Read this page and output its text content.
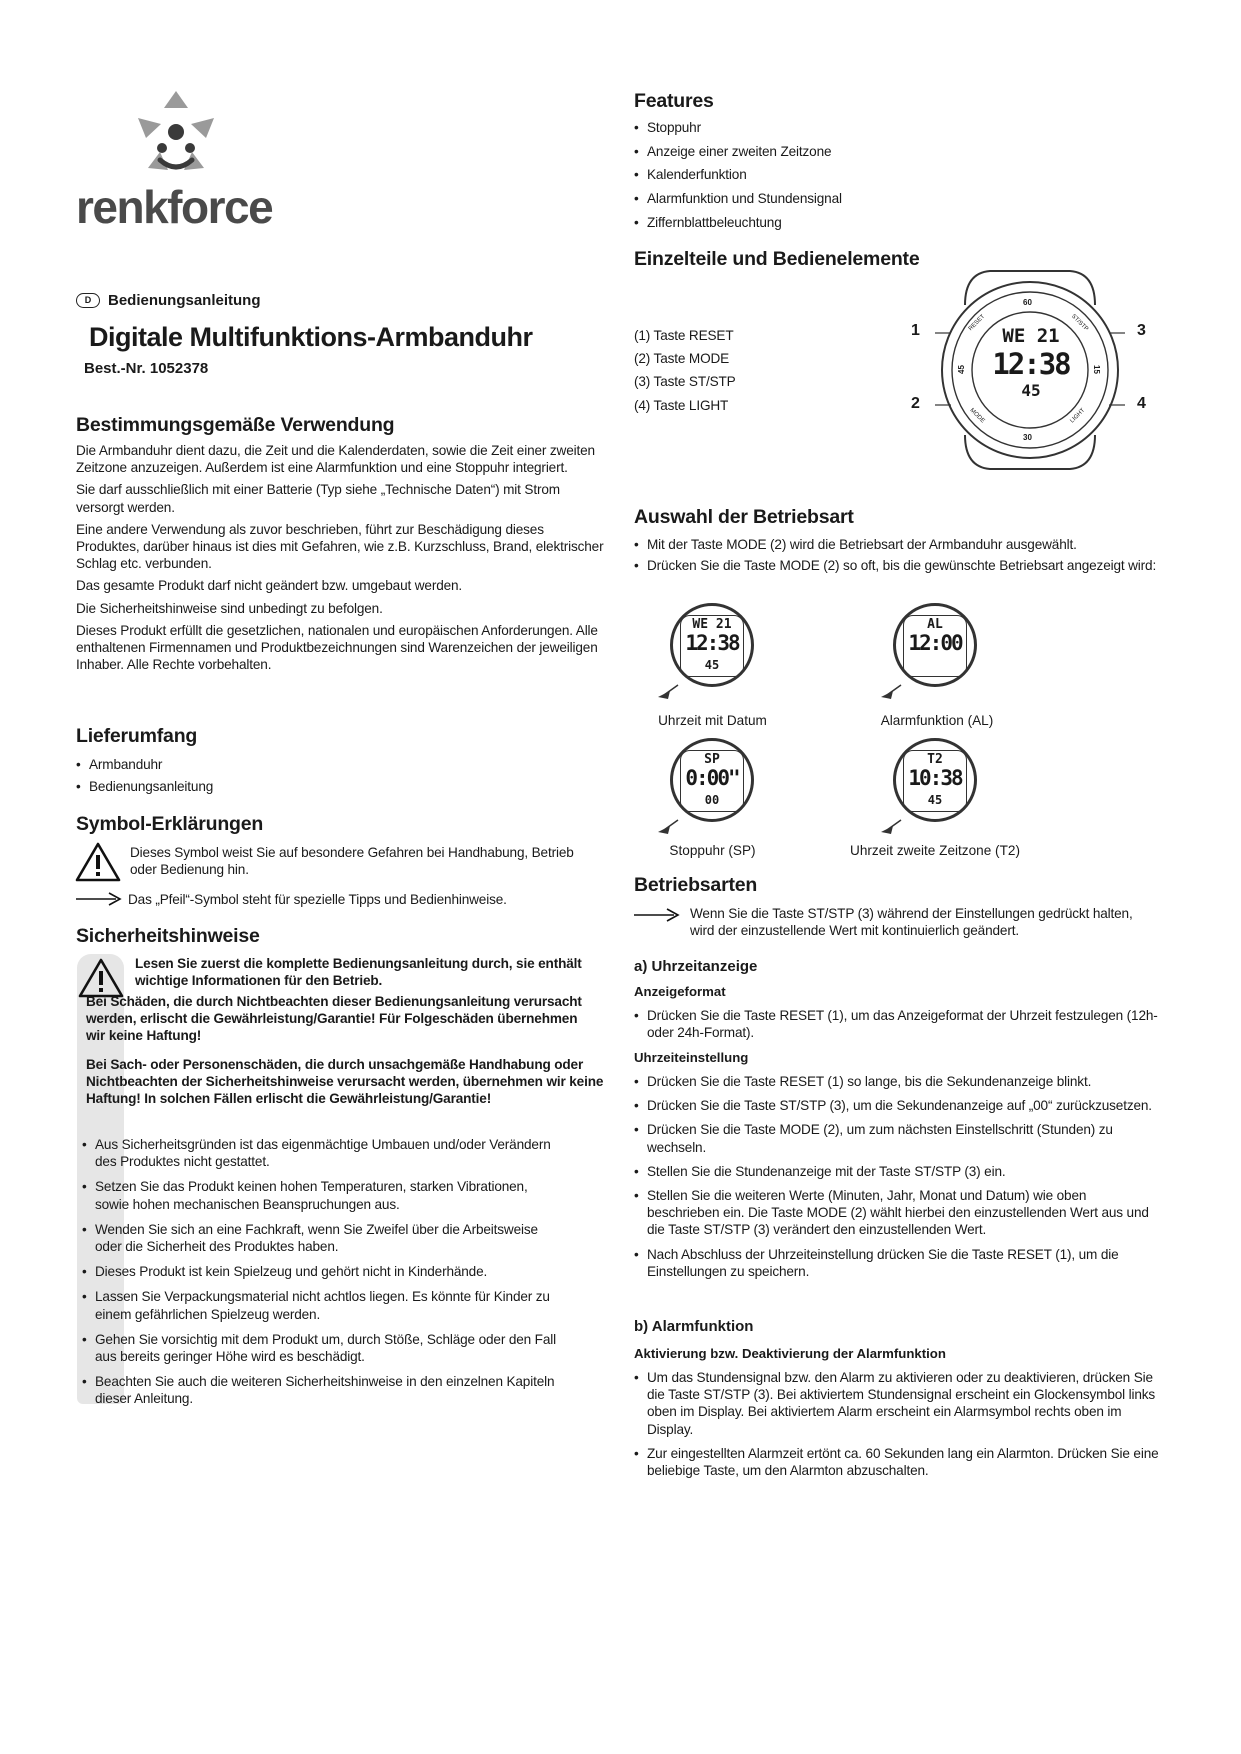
renkforce
D	Bedienungsanleitung
Digitale Multifunktions-Armbanduhr
Best.-Nr. 1052378
Bestimmungsgemäße Verwendung

Die Armbanduhr dient dazu, die Zeit und die Kalenderdaten, sowie die Zeit einer zweiten Zeitzone anzuzeigen. Außerdem ist eine Alarmfunktion und eine Stoppuhr integriert.

Sie darf ausschließlich mit einer Batterie (Typ siehe „Technische Daten“) mit Strom versorgt werden.

Eine andere Verwendung als zuvor beschrieben, führt zur Beschädigung dieses Produktes, darüber hinaus ist dies mit Gefahren, wie z.B. Kurzschluss, Brand, elektrischer Schlag etc. verbunden.

Das gesamte Produkt darf nicht geändert bzw. umgebaut werden.

Die Sicherheitshinweise sind unbedingt zu befolgen.

Dieses Produkt erfüllt die gesetzlichen, nationalen und europäischen Anforderungen. Alle enthaltenen Firmennamen und Produktbezeichnungen sind Warenzeichen der jeweiligen Inhaber. Alle Rechte vorbehalten.

Lieferumfang
• Armbanduhr
• Bedienungsanleitung
Symbol-Erklärungen
Dieses Symbol weist Sie auf besondere Gefahren bei Handhabung, Betrieb oder Bedienung hin.
Das „Pfeil“-Symbol steht für spezielle Tipps und Bedienhinweise.
Sicherheitshinweise
Lesen Sie zuerst die komplette Bedienungsanleitung durch, sie enthält wichtige Informationen für den Betrieb.
Bei Schäden, die durch Nichtbeachten dieser Bedienungsanleitung verursacht werden, erlischt die Gewährleistung/Garantie! Für Folgeschäden übernehmen wir keine Haftung!
Bei Sach- oder Personenschäden, die durch unsachgemäße Handhabung oder Nichtbeachten der Sicherheitshinweise verursacht werden, übernehmen wir keine Haftung! In solchen Fällen erlischt die Gewährleistung/Garantie!
• Aus Sicherheitsgründen ist das eigenmächtige Umbauen und/oder Verändern des Produktes nicht gestattet.
• Setzen Sie das Produkt keinen hohen Temperaturen, starken Vibrationen, sowie hohen mechanischen Beanspruchungen aus.
• Wenden Sie sich an eine Fachkraft, wenn Sie Zweifel über die Arbeitsweise oder die Sicherheit des Produktes haben.
• Dieses Produkt ist kein Spielzeug und gehört nicht in Kinderhände.
• Lassen Sie Verpackungsmaterial nicht achtlos liegen. Es könnte für Kinder zu einem gefährlichen Spielzeug werden.
• Gehen Sie vorsichtig mit dem Produkt um, durch Stöße, Schläge oder den Fall aus bereits geringer Höhe wird es beschädigt.
• Beachten Sie auch die weiteren Sicherheitshinweise in den einzelnen Kapiteln dieser Anleitung.
Features
• Stoppuhr
• Anzeige einer zweiten Zeitzone
• Kalenderfunktion
• Alarmfunktion und Stundensignal
• Ziffernblattbeleuchtung
Einzelteile und Bedienelemente
(1) Taste RESET
(2) Taste MODE
(3) Taste ST/STP
(4) Taste LIGHT
1
2
3
4
60
30
45	15
RESET	ST/STP
MODE	LIGHT
WE 21
12:38
45
Auswahl der Betriebsart
• Mit der Taste MODE (2) wird die Betriebsart der Armbanduhr ausgewählt.
• Drücken Sie die Taste MODE (2) so oft, bis die gewünschte Betriebsart angezeigt wird:
WE 21
12:38
45
Uhrzeit mit Datum
AL
12:00
Alarmfunktion (AL)
SP
0:00"
00
Stoppuhr (SP)
T2
10:38
45
Uhrzeit zweite Zeitzone (T2)
Betriebsarten
Wenn Sie die Taste ST/STP (3) während der Einstellungen gedrückt halten, wird der einzustellende Wert mit kontinuierlich geändert.
a) Uhrzeitanzeige
Anzeigeformat
• Drücken Sie die Taste RESET (1), um das Anzeigeformat der Uhrzeit festzulegen (12h- oder 24h-Format).
Uhrzeiteinstellung
• Drücken Sie die Taste RESET (1) so lange, bis die Sekundenanzeige blinkt.
• Drücken Sie die Taste ST/STP (3), um die Sekundenanzeige auf „00“ zurückzusetzen.
• Drücken Sie die Taste MODE (2), um zum nächsten Einstellschritt (Stunden) zu wechseln.
• Stellen Sie die Stundenanzeige mit der Taste ST/STP (3) ein.
• Stellen Sie die weiteren Werte (Minuten, Jahr, Monat und Datum) wie oben beschrieben ein. Die Taste MODE (2) wählt hierbei den einzustellenden Wert aus und die Taste ST/STP (3) verändert den einzustellenden Wert.
• Nach Abschluss der Uhrzeiteinstellung drücken Sie die Taste RESET (1), um die Einstellungen zu speichern.
b) Alarmfunktion
Aktivierung bzw. Deaktivierung der Alarmfunktion
• Um das Stundensignal bzw. den Alarm zu aktivieren oder zu deaktivieren, drücken Sie die Taste ST/STP (3). Bei aktiviertem Stundensignal erscheint ein Glockensymbol links oben im Display. Bei aktiviertem Alarm erscheint ein Alarmsymbol rechts oben im Display.
• Zur eingestellten Alarmzeit ertönt ca. 60 Sekunden lang ein Alarmton. Drücken Sie eine beliebige Taste, um den Alarmton abzuschalten.
